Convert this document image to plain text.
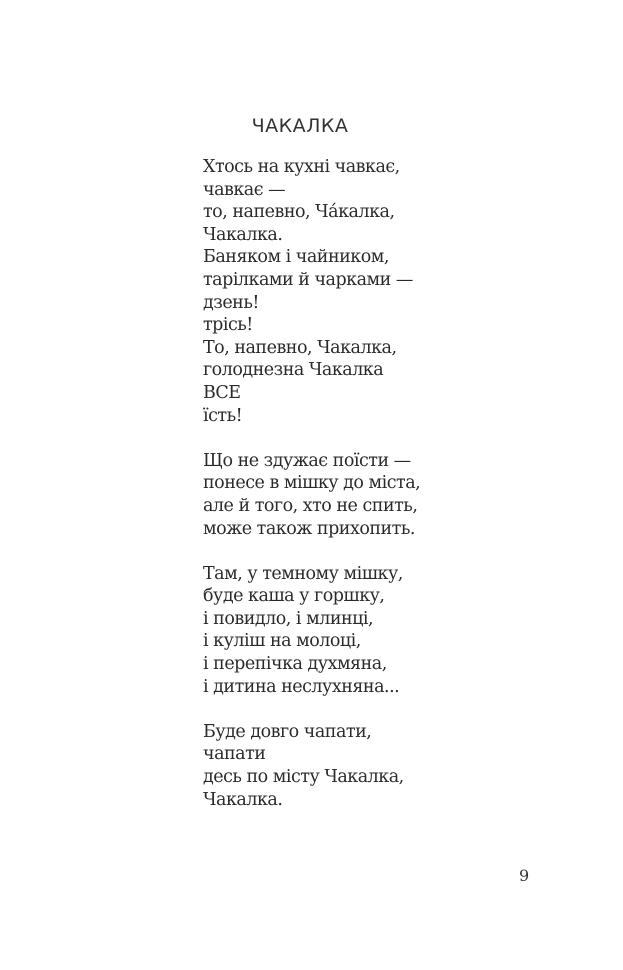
ЧАКАЛКА
Хтось на кухні чавкає,
чавкає —
то, напевно, Ча́калка,
Чакалка.
Баняком і чайником,
тарілками й чарками —
дзень!
трісь!
То, напевно, Чакалка,
голоднезна Чакалка
ВСЕ
їсть!
Що не здужає поїсти —
понесе в мішку до міста,
але й того, хто не спить,
може також прихопить.
Там, у темному мішку,
буде каша у горшку,
і повидло, і млинці,
і куліш на молоці,
і перепічка духмяна,
і дитина неслухняна...
Буде довго чапати,
чапати
десь по місту Чакалка,
Чакалка.
9
